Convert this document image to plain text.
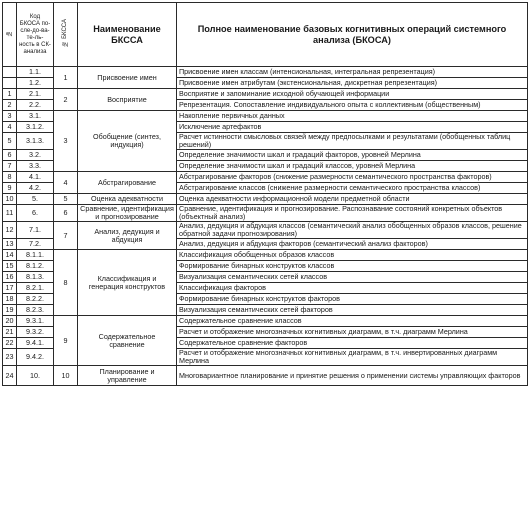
№	Код БКОСА по-сле-до-ва-те-ль-ность в СК-анализа	№ БКССА	Наименование БКССА	Полное наименование базовых когнитивных операций системного анализа (БКОСА)
	1.1.	1	Присвоение имен	Присвоение имен классам (интенсиональная, интегральная репрезентация)
	1.2.			Присвоение имен атрибутам (экстенсиональная, дискретная репрезентация)
1	2.1.	2	Восприятие	Восприятие и запоминание исходной обучающей информации
2	2.2.			Репрезентация. Сопоставление индивидуального опыта с коллективным (общественным)
3	3.1.	3	Обобщение (синтез, индукция)	Накопление первичных данных
4	3.1.2.			Исключение артефактов
5	3.1.3.			Расчет истинности смысловых связей между предпосылками и результатами (обобщенных таблиц решений)
6	3.2.			Определение значимости шкал и градаций факторов, уровней Мерлина
7	3.3.			Определение значимости шкал и градаций классов, уровней Мерлина
8	4.1.	4	Абстрагирование	Абстрагирование факторов (снижение размерности семантического пространства факторов)
9	4.2.			Абстрагирование классов (снижение размерности семантического пространства классов)
10	5.	5	Оценка адекватности	Оценка адекватности информационной модели предметной области
11	6.	6	Сравнение, идентификация и прогнозирование	Сравнение, идентификация и прогнозирование. Распознавание состояний конкретных объектов (объектный анализ)
12	7.1.	7	Анализ, дедукция и абдукция	Анализ, дедукция и абдукция классов (семантический анализ обобщенных образов классов, решение обратной задачи прогнозирования)
13	7.2.			Анализ, дедукция и абдукция факторов (семантический анализ факторов)
14	8.1.1.	8	Классификация и генерация конструктов	Классификация обобщенных образов классов
15	8.1.2.			Формирование бинарных конструктов классов
16	8.1.3.			Визуализация семантических сетей классов
17	8.2.1.			Классификация факторов
18	8.2.2.			Формирование бинарных конструктов факторов
19	8.2.3.			Визуализация семантических сетей факторов
20	9.3.1.	9	Содержательное сравнение	Содержательное сравнение классов
21	9.3.2.			Расчет и отображение многозначных когнитивных диаграмм, в т.ч. диаграмм Мерлина
22	9.4.1.			Содержательное сравнение факторов
23	9.4.2.			Расчет и отображение многозначных когнитивных диаграмм, в т.ч. инвертированных диаграмм Мерлина
24	10.	10	Планирование и управление	Многовариантное планирование и принятие решения о применении системы управляющих факторов
